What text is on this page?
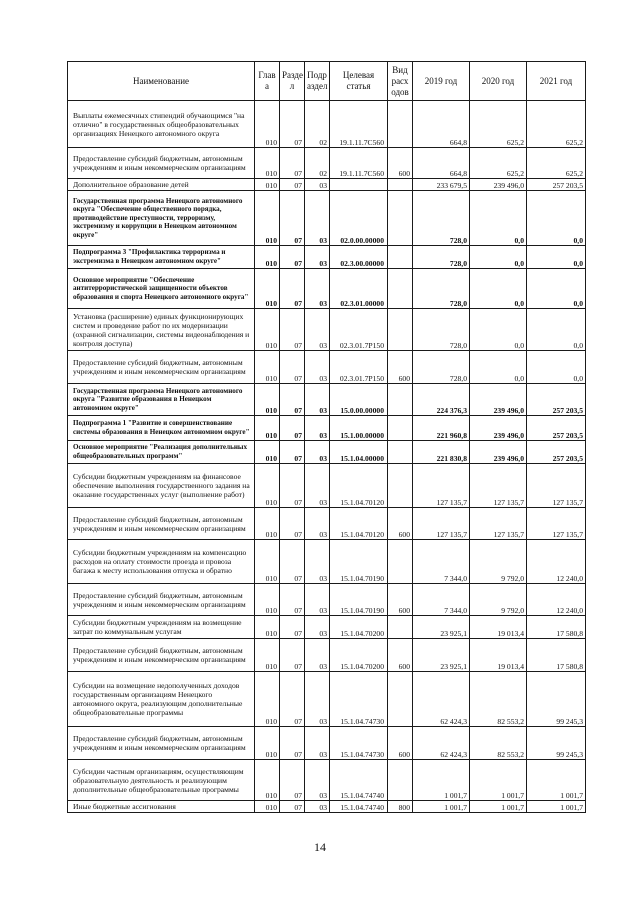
Наименование	Глав а	Разде л	Подр аздел	Целевая статья	Вид расх одов	2019 год	2020 год	2021 год
Выплаты ежемесячных стипендий обучающимся "на отлично" в государственных общеобразовательных организациях Ненецкого автономного округа	010	07	02	19.1.11.7С560		664,8	625,2	625,2
Предоставление субсидий бюджетным, автономным учреждениям и иным некоммерческим организациям	010	07	02	19.1.11.7С560	600	664,8	625,2	625,2
Дополнительное образование детей	010	07	03			233 679,5	239 496,0	257 203,5
Государственная программа Ненецкого автономного округа "Обеспечение общественного порядка, противодействие преступности, терроризму, экстремизму и коррупции в Ненецком автономном округе"	010	07	03	02.0.00.00000		728,0	0,0	0,0
Подпрограмма 3 "Профилактика терроризма и экстремизма в Ненецком автономном округе"	010	07	03	02.3.00.00000		728,0	0,0	0,0
Основное мероприятие "Обеспечение антитеррористической защищенности объектов образования и спорта Ненецкого автономного округа"	010	07	03	02.3.01.00000		728,0	0,0	0,0
Установка (расширение) единых функционирующих систем и проведение работ по их модернизации (охранной сигнализации, системы видеонаблюдения и контроля доступа)	010	07	03	02.3.01.7P150		728,0	0,0	0,0
Предоставление субсидий бюджетным, автономным учреждениям и иным некоммерческим организациям	010	07	03	02.3.01.7P150	600	728,0	0,0	0,0
Государственная программа Ненецкого автономного округа "Развитие образования в Ненецком автономном округе"	010	07	03	15.0.00.00000		224 376,3	239 496,0	257 203,5
Подпрограмма 1 "Развитие и совершенствование системы образования в Ненецком автономном округе"	010	07	03	15.1.00.00000		221 960,8	239 496,0	257 203,5
Основное мероприятие "Реализация дополнительных общеобразовательных программ"	010	07	03	15.1.04.00000		221 830,8	239 496,0	257 203,5
Субсидии бюджетным учреждениям на финансовое обеспечение выполнения государственного задания на оказание государственных услуг (выполнение работ)	010	07	03	15.1.04.70120		127 135,7	127 135,7	127 135,7
Предоставление субсидий бюджетным, автономным учреждениям и иным некоммерческим организациям	010	07	03	15.1.04.70120	600	127 135,7	127 135,7	127 135,7
Субсидии бюджетным учреждениям на компенсацию расходов на оплату стоимости проезда и провоза багажа к месту использования отпуска и обратно	010	07	03	15.1.04.70190		7 344,0	9 792,0	12 240,0
Предоставление субсидий бюджетным, автономным учреждениям и иным некоммерческим организациям	010	07	03	15.1.04.70190	600	7 344,0	9 792,0	12 240,0
Субсидии бюджетным учреждениям на возмещение затрат по коммунальным услугам	010	07	03	15.1.04.70200		23 925,1	19 013,4	17 580,8
Предоставление субсидий бюджетным, автономным учреждениям и иным некоммерческим организациям	010	07	03	15.1.04.70200	600	23 925,1	19 013,4	17 580,8
Субсидии на возмещение недополученных доходов государственным организациям Ненецкого автономного округа, реализующим дополнительные общеобразовательные программы	010	07	03	15.1.04.74730		62 424,3	82 553,2	99 245,3
Предоставление субсидий бюджетным, автономным учреждениям и иным некоммерческим организациям	010	07	03	15.1.04.74730	600	62 424,3	82 553,2	99 245,3
Субсидии частным организациям, осуществляющим образовательную деятельность и реализующим дополнительные общеобразовательные программы	010	07	03	15.1.04.74740		1 001,7	1 001,7	1 001,7
Иные бюджетные ассигнования	010	07	03	15.1.04.74740	800	1 001,7	1 001,7	1 001,7
14
